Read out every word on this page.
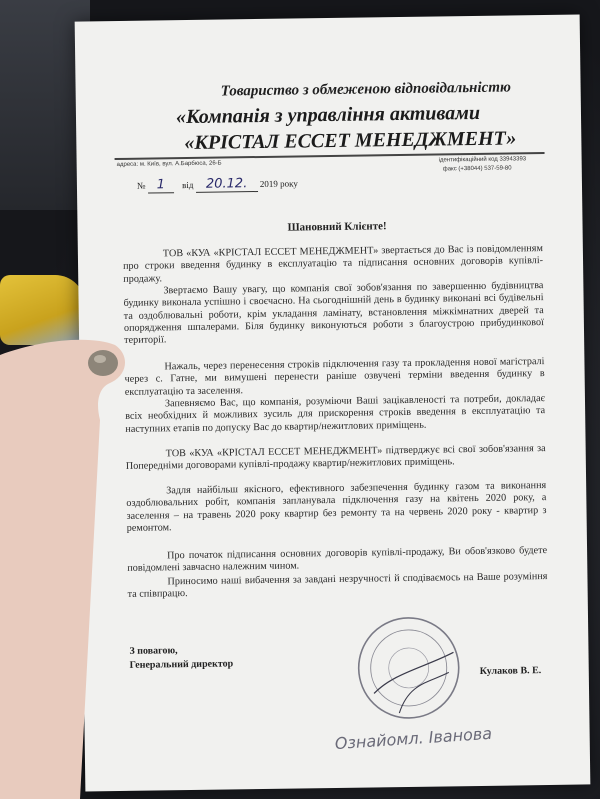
Товариство з обмеженою відповідальністю
«Компанія з управління активами
«КРІСТАЛ ЕССЕТ МЕНЕДЖМЕНТ»
адреса: м. Київ, вул. А.Барбюса, 26-Б
ідентифікаційний код 33943393
факс (+38044) 537-59-80
№ 1 від 20.12. 2019 року
Шановний Клієнте!

ТОВ «КУА «КРІСТАЛ ЕССЕТ МЕНЕДЖМЕНТ» звертається до Вас із повідомленням про строки введення будинку в експлуатацію та підписання основних договорів купівлі-продажу.

Звертаємо Вашу увагу, що компанія свої зобов'язання по завершенню будівництва будинку виконала успішно і своєчасно. На сьогоднішній день в будинку виконані всі будівельні та оздоблювальні роботи, крім укладання ламінату, встановлення міжкімнатних дверей та опорядження шпалерами. Біля будинку виконуються роботи з благоустрою прибудинкової території.

Нажаль, через перенесення строків підключення газу та прокладення нової магістралі через с. Гатне, ми вимушені перенести раніше озвучені терміни введення будинку в експлуатацію та заселення.

Запевняємо Вас, що компанія, розуміючи Ваші зацікавленості та потреби, докладає всіх необхідних й можливих зусиль для прискорення строків введення в експлуатацію та наступних етапів по допуску Вас до квартир/нежитлових приміщень.

ТОВ «КУА «КРІСТАЛ ЕССЕТ МЕНЕДЖМЕНТ» підтверджує всі свої зобов'язання за Попередніми договорами купівлі-продажу квартир/нежитлових приміщень.

Задля найбільш якісного, ефективного забезпечення будинку газом та виконання оздоблювальних робіт, компанія запланувала підключення газу на квітень 2020 року, а заселення – на травень 2020 року квартир без ремонту та на червень 2020 року - квартир з ремонтом.

Про початок підписання основних договорів купівлі-продажу, Ви обов'язково будете повідомлені завчасно належним чином.

Приносимо наші вибачення за завдані незручності й сподіваємось на Ваше розуміння та співпрацю.

З повагою,
Генеральний директор
Кулаков В. Е.
Ознайомл. Іванова
